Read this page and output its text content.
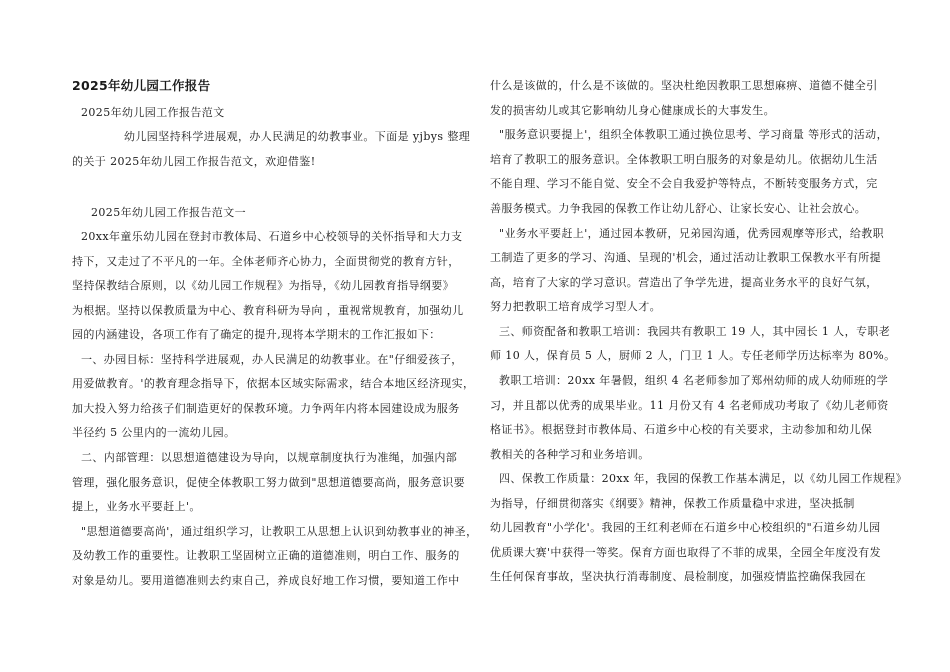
2025年幼儿园工作报告
2025年幼儿园工作报告范文
幼儿园坚持科学进展观，办人民满足的幼教事业。下面是 yjbys 整理
的关于 2025年幼儿园工作报告范文，欢迎借鉴!
2025年幼儿园工作报告范文一
20xx年童乐幼儿园在登封市教体局、石道乡中心校领导的关怀指导和大力支
持下，又走过了不平凡的一年。全体老师齐心协力，全面贯彻党的教育方针，
坚持保教结合原则，以《幼儿园工作规程》为指导，《幼儿园教育指导纲要》
为根据。坚持以保教质量为中心、教育科研为导向 ，重视常规教育，加强幼儿
园的内涵建设，各项工作有了确定的提升,现将本学期末的工作汇报如下：
一、办园目标：坚持科学进展观，办人民满足的幼教事业。在"仔细爱孩子，
用爱做教育。'的教育理念指导下，依据本区域实际需求，结合本地区经济现实，
加大投入努力给孩子们制造更好的保教环境。力争两年内将本园建设成为服务
半径约 5 公里内的一流幼儿园。
二、内部管理：以思想道德建设为导向，以规章制度执行为准绳，加强内部
管理，强化服务意识，促使全体教职工努力做到"思想道德要高尚，服务意识要
提上，业务水平要赶上'。
"思想道德要高尚'，通过组织学习，让教职工从思想上认识到幼教事业的神圣，
及幼教工作的重要性。让教职工坚固树立正确的道德准则，明白工作、服务的
对象是幼儿。要用道德准则去约束自己，养成良好地工作习惯，要知道工作中
什么是该做的，什么是不该做的。坚决杜绝因教职工思想麻痹、道德不健全引
发的损害幼儿或其它影响幼儿身心健康成长的大事发生。
"服务意识要提上'，组织全体教职工通过换位思考、学习商量 等形式的活动，
培育了教职工的服务意识。全体教职工明白服务的对象是幼儿。依据幼儿生活
不能自理、学习不能自觉、安全不会自我爱护等特点，不断转变服务方式，完
善服务模式。力争我园的保教工作让幼儿舒心、让家长安心、让社会放心。
"业务水平要赶上'，通过园本教研，兄弟园沟通，优秀园观摩等形式，给教职
工制造了更多的学习、沟通、呈现的'机会，通过活动让教职工保教水平有所提
高，培育了大家的学习意识。营造出了争学先进，提高业务水平的良好气氛，
努力把教职工培育成学习型人才。
三、师资配备和教职工培训：我园共有教职工 19 人，其中园长 1 人，专职老
师 10 人，保育员 5 人，厨师 2 人，门卫 1 人。专任老师学历达标率为 80%。
教职工培训：20xx 年暑假，组织 4 名老师参加了郑州幼师的成人幼师班的学
习，并且都以优秀的成果毕业。11 月份又有 4 名老师成功考取了《幼儿老师资
格证书》。根据登封市教体局、石道乡中心校的有关要求，主动参加和幼儿保
教相关的各种学习和业务培训。
四、保教工作质量：20xx 年，我园的保教工作基本满足，以《幼儿园工作规程》
为指导，仔细贯彻落实《纲要》精神，保教工作质量稳中求进，坚决抵制
幼儿园教育"小学化'。我园的王红利老师在石道乡中心校组织的"石道乡幼儿园
优质课大赛'中获得一等奖。保育方面也取得了不菲的成果，全园全年度没有发
生任何保育事故，坚决执行消毒制度、晨检制度，加强疫情监控确保我园在
